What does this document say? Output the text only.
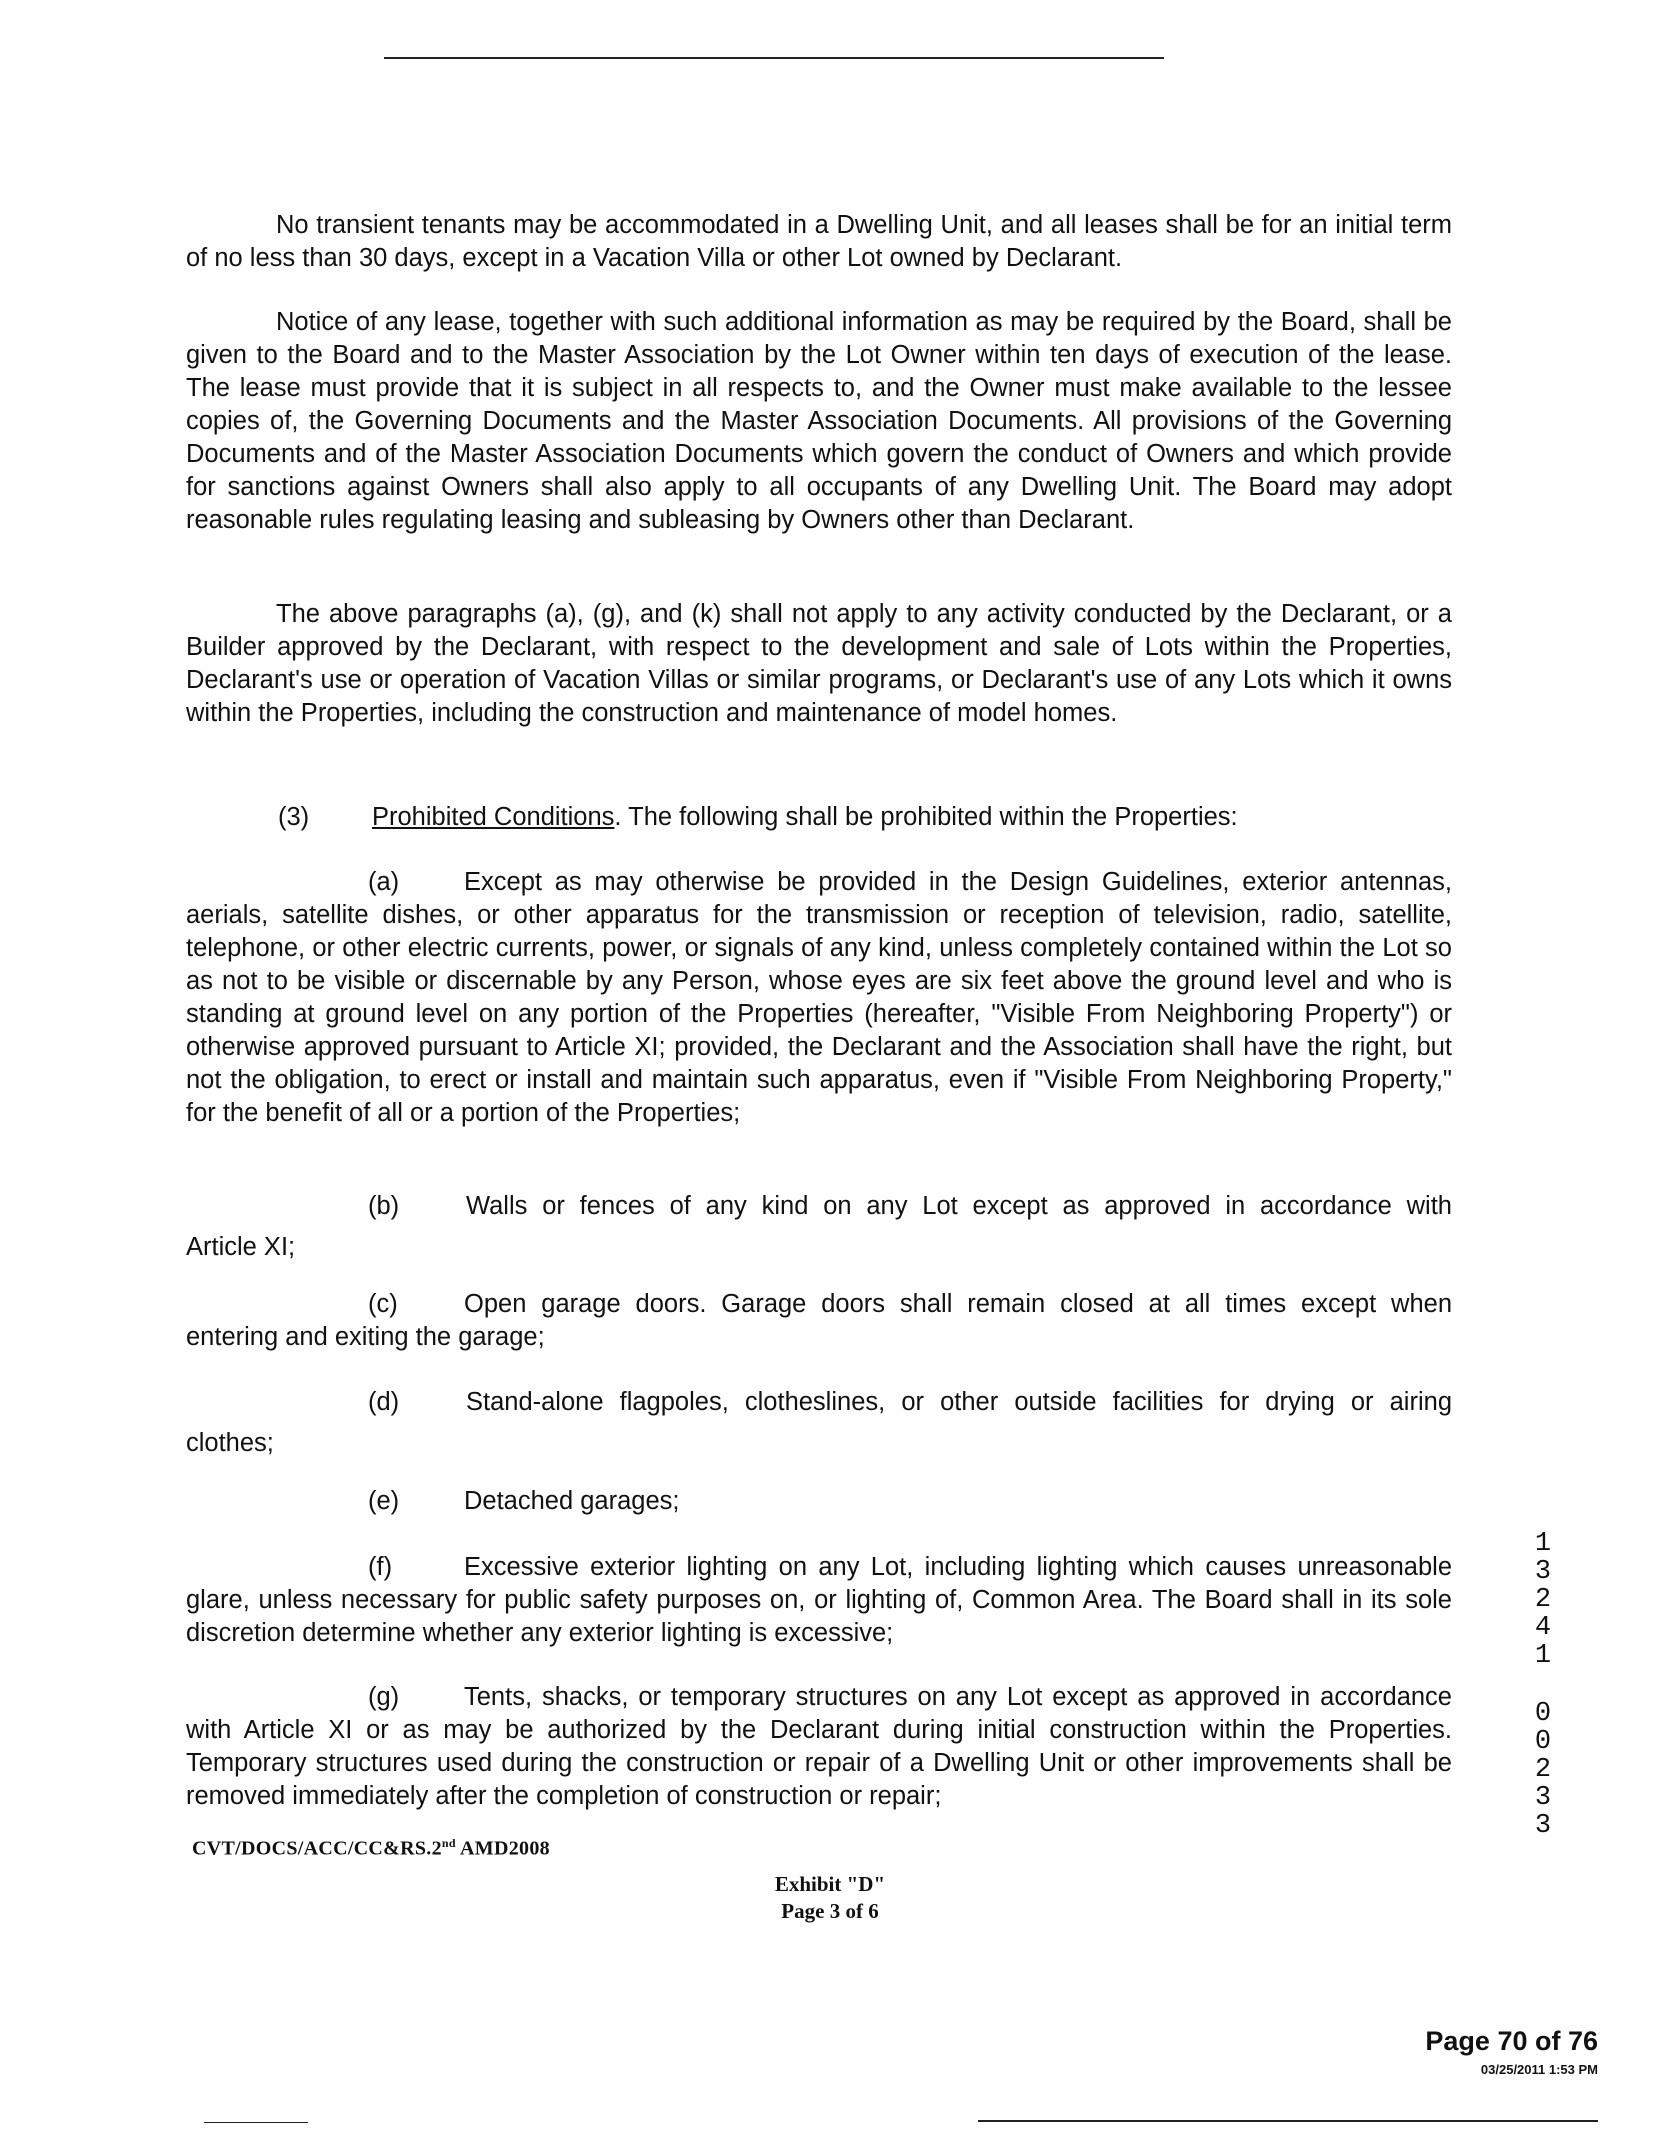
No transient tenants may be accommodated in a Dwelling Unit, and all leases shall be for an initial term of no less than 30 days, except in a Vacation Villa or other Lot owned by Declarant.
Notice of any lease, together with such additional information as may be required by the Board, shall be given to the Board and to the Master Association by the Lot Owner within ten days of execution of the lease. The lease must provide that it is subject in all respects to, and the Owner must make available to the lessee copies of, the Governing Documents and the Master Association Documents. All provisions of the Governing Documents and of the Master Association Documents which govern the conduct of Owners and which provide for sanctions against Owners shall also apply to all occupants of any Dwelling Unit. The Board may adopt reasonable rules regulating leasing and subleasing by Owners other than Declarant.
The above paragraphs (a), (g), and (k) shall not apply to any activity conducted by the Declarant, or a Builder approved by the Declarant, with respect to the development and sale of Lots within the Properties, Declarant's use or operation of Vacation Villas or similar programs, or Declarant's use of any Lots which it owns within the Properties, including the construction and maintenance of model homes.
(3) Prohibited Conditions. The following shall be prohibited within the Properties:
(a)	Except as may otherwise be provided in the Design Guidelines, exterior antennas, aerials, satellite dishes, or other apparatus for the transmission or reception of television, radio, satellite, telephone, or other electric currents, power, or signals of any kind, unless completely contained within the Lot so as not to be visible or discernable by any Person, whose eyes are six feet above the ground level and who is standing at ground level on any portion of the Properties (hereafter, "Visible From Neighboring Property") or otherwise approved pursuant to Article XI; provided, the Declarant and the Association shall have the right, but not the obligation, to erect or install and maintain such apparatus, even if "Visible From Neighboring Property," for the benefit of all or a portion of the Properties;
(b)	Walls or fences of any kind on any Lot except as approved in accordance with
Article XI;
(c)	Open garage doors. Garage doors shall remain closed at all times except when entering and exiting the garage;
(d)	Stand-alone flagpoles, clotheslines, or other outside facilities for drying or airing
clothes;
(e)	Detached garages;
(f)	Excessive exterior lighting on any Lot, including lighting which causes unreasonable glare, unless necessary for public safety purposes on, or lighting of, Common Area. The Board shall in its sole discretion determine whether any exterior lighting is excessive;
(g)	Tents, shacks, or temporary structures on any Lot except as approved in accordance with Article XI or as may be authorized by the Declarant during initial construction within the Properties. Temporary structures used during the construction or repair of a Dwelling Unit or other improvements shall be removed immediately after the completion of construction or repair;
CVT/DOCS/ACC/CC&RS.2nd AMD2008
Exhibit "D"
Page 3 of 6
Page 70 of 76
03/25/2011 1:53 PM
13241
00233
